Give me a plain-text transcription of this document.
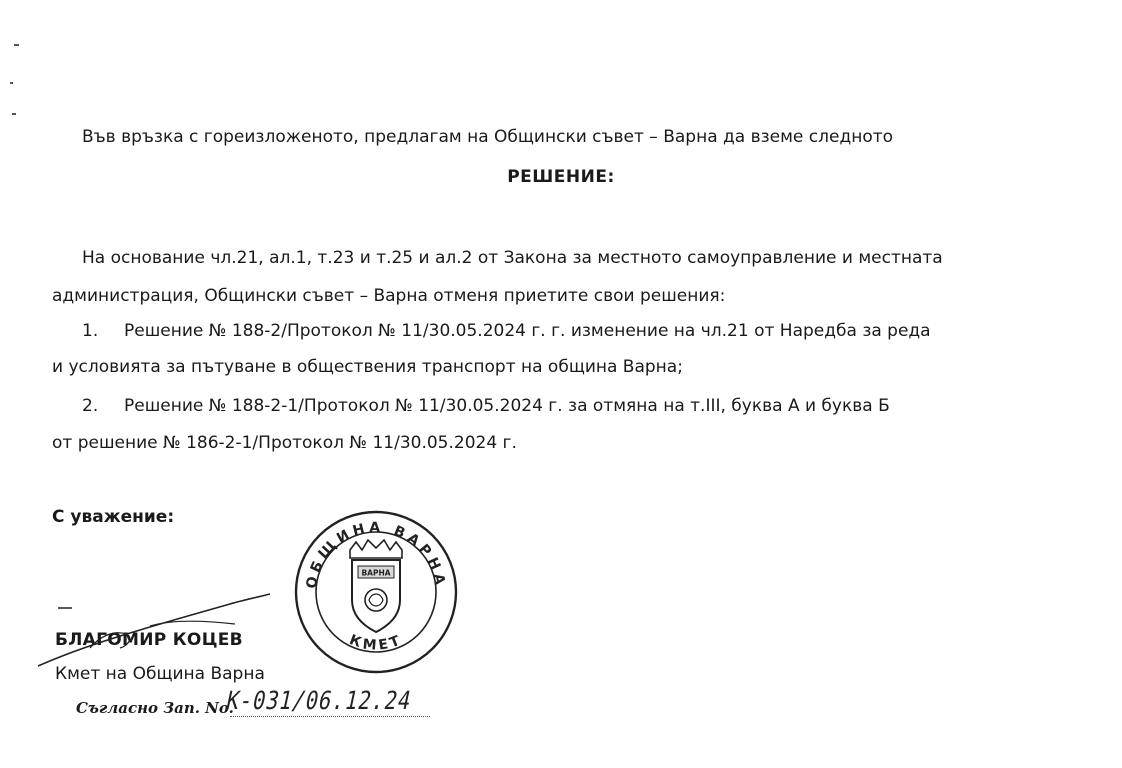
Във връзка с гореизложеното, предлагам на Общински съвет – Варна да вземе следното
РЕШЕНИЕ:
На основание чл.21, ал.1, т.23 и т.25 и ал.2 от Закона за местното самоуправление и местната
администрация, Общински съвет – Варна отменя приетите свои решения:
1. Решение № 188-2/Протокол № 11/30.05.2024 г. г. изменение на чл.21 от Наредба за реда
и условията за пътуване в обществения транспорт на община Варна;
2. Решение № 188-2-1/Протокол № 11/30.05.2024 г. за отмяна на т.III, буква А и буква Б
от решение № 186-2-1/Протокол № 11/30.05.2024 г.
С уважение:
БЛАГОМИР КОЦЕВ
Кмет на Община Варна
Съгласно Зап. No.
К-031/06.12.24
ОБЩИНА ВАРНА
КМЕТ
ВАРНА
